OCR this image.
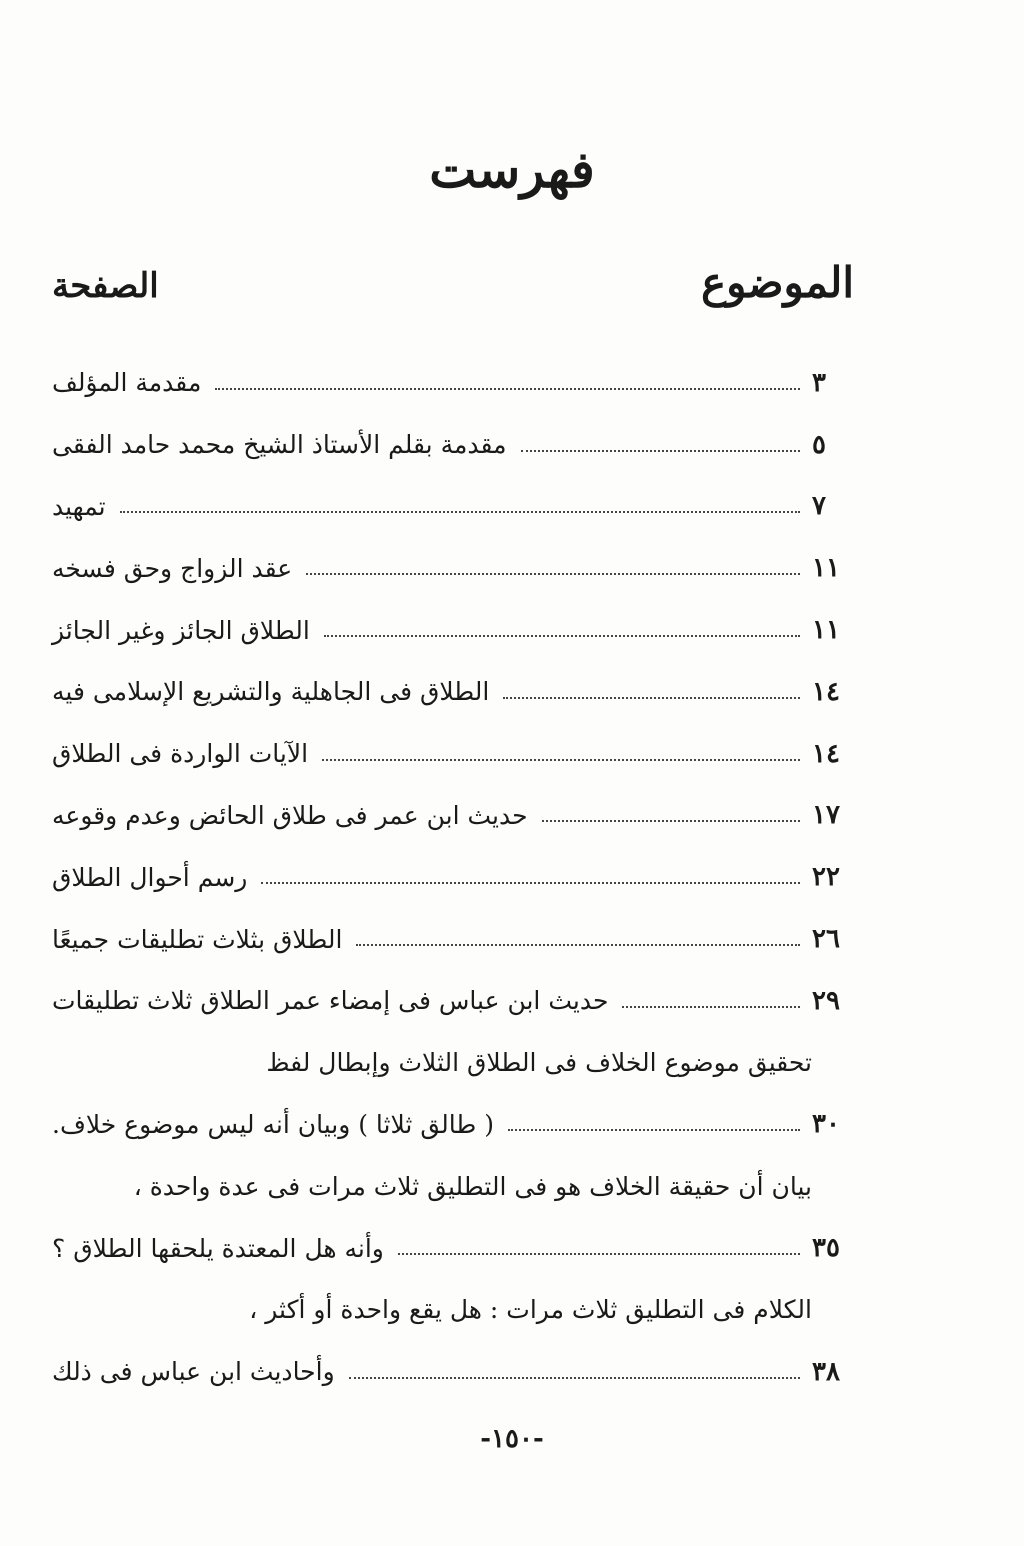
فهرست
الموضوع
الصفحة
مقدمة المؤلف	٣
مقدمة بقلم الأستاذ الشيخ محمد حامد الفقى	٥
تمهيد	٧
عقد الزواج وحق فسخه	١١
الطلاق الجائز وغير الجائز	١١
الطلاق فى الجاهلية والتشريع الإسلامى فيه	١٤
الآيات الواردة فى الطلاق	١٤
حديث ابن عمر فى طلاق الحائض وعدم وقوعه	١٧
رسم أحوال الطلاق	٢٢
الطلاق بثلاث تطليقات جميعًا	٢٦
حديث ابن عباس فى إمضاء عمر الطلاق ثلاث تطليقات	٢٩
تحقيق موضوع الخلاف فى الطلاق الثلاث وإبطال لفظ
( طالق ثلاثا ) وبيان أنه ليس موضوع خلاف.	٣٠
بيان أن حقيقة الخلاف هو فى التطليق ثلاث مرات فى عدة واحدة ،
وأنه هل المعتدة يلحقها الطلاق ؟	٣٥
الكلام فى التطليق ثلاث مرات : هل يقع واحدة أو أكثر ،
وأحاديث ابن عباس فى ذلك	٣٨
-١٥٠-
